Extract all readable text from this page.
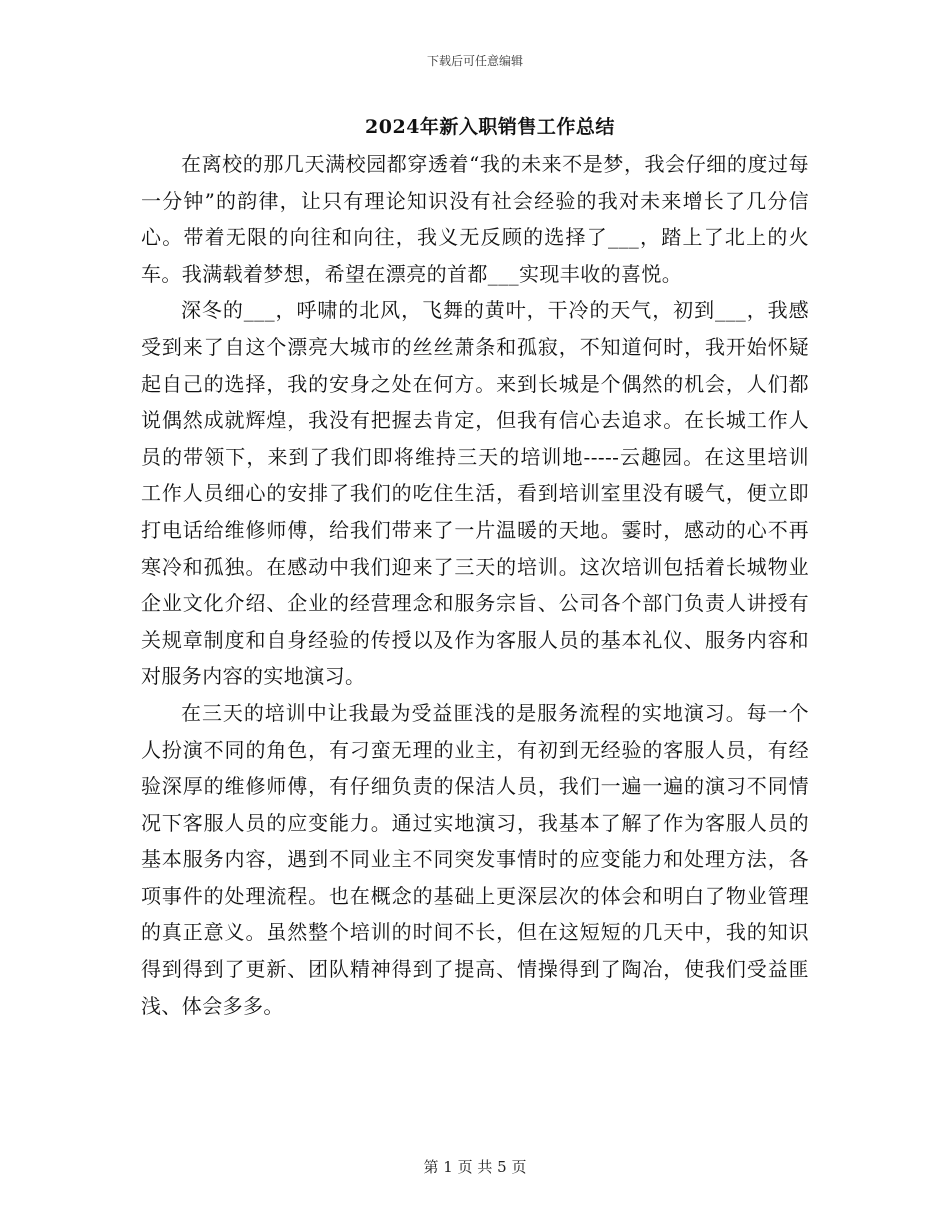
下载后可任意编辑
2024年新入职销售工作总结

在离校的那几天满校园都穿透着“我的未来不是梦，我会仔细的度过每一分钟”的韵律，让只有理论知识没有社会经验的我对未来增长了几分信心。带着无限的向往和向往，我义无反顾的选择了___，踏上了北上的火车。我满载着梦想，希望在漂亮的首都___实现丰收的喜悦。

深冬的___，呼啸的北风，飞舞的黄叶，干冷的天气，初到___，我感受到来了自这个漂亮大城市的丝丝萧条和孤寂，不知道何时，我开始怀疑起自己的选择，我的安身之处在何方。来到长城是个偶然的机会，人们都说偶然成就辉煌，我没有把握去肯定，但我有信心去追求。在长城工作人员的带领下，来到了我们即将维持三天的培训地-----云趣园。在这里培训工作人员细心的安排了我们的吃住生活，看到培训室里没有暖气，便立即打电话给维修师傅，给我们带来了一片温暖的天地。霎时，感动的心不再寒冷和孤独。在感动中我们迎来了三天的培训。这次培训包括着长城物业企业文化介绍、企业的经营理念和服务宗旨、公司各个部门负责人讲授有关规章制度和自身经验的传授以及作为客服人员的基本礼仪、服务内容和对服务内容的实地演习。

在三天的培训中让我最为受益匪浅的是服务流程的实地演习。每一个人扮演不同的角色，有刁蛮无理的业主，有初到无经验的客服人员，有经验深厚的维修师傅，有仔细负责的保洁人员，我们一遍一遍的演习不同情况下客服人员的应变能力。通过实地演习，我基本了解了作为客服人员的基本服务内容，遇到不同业主不同突发事情时的应变能力和处理方法，各项事件的处理流程。也在概念的基础上更深层次的体会和明白了物业管理的真正意义。虽然整个培训的时间不长，但在这短短的几天中，我的知识得到得到了更新、团队精神得到了提高、情操得到了陶冶，使我们受益匪浅、体会多多。

第 1 页 共 5 页
